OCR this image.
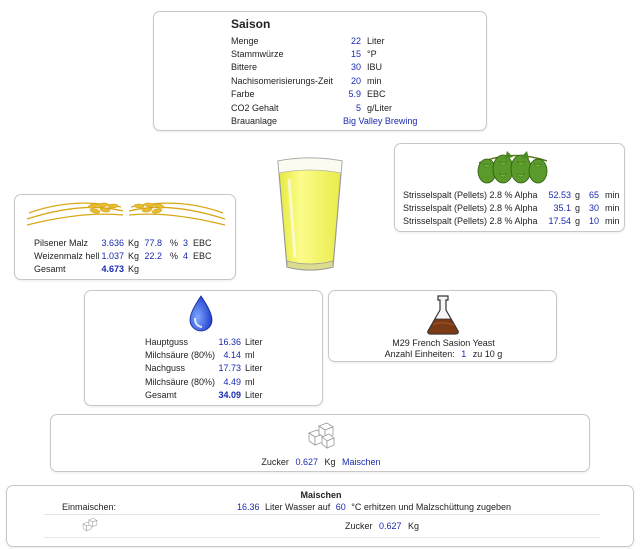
Saison
Menge	22	Liter
Stammwürze	15	°P
Bittere	30	IBU
Nachisomerisierungs-Zeit	20	min
Farbe	5.9	EBC
CO2 Gehalt	5	g/Liter
Brauanlage	Big Valley Brewing	
Strisselspalt (Pellets) 2.8 % Alpha	52.53	g	65	min
Strisselspalt (Pellets) 2.8 % Alpha	35.1	g	30	min
Strisselspalt (Pellets) 2.8 % Alpha	17.54	g	10	min
Pilsener Malz	3.636	Kg	77.8	%	3	EBC
Weizenmalz hell	1.037	Kg	22.2	%	4	EBC
Gesamt	4.673	Kg				
Hauptguss	16.36	Liter
Milchsäure (80%)	4.14	ml
Nachguss	17.73	Liter
Milchsäure (80%)	4.49	ml
Gesamt	34.09	Liter
M29 French Sasion Yeast
Anzahl Einheiten: 1 zu 10 g
Zucker 0.627 Kg Maischen
Maischen
Einmaischen:	16.36 Liter Wasser auf 60 °C erhitzen und Malzschüttung zugeben
Zucker 0.627 Kg
